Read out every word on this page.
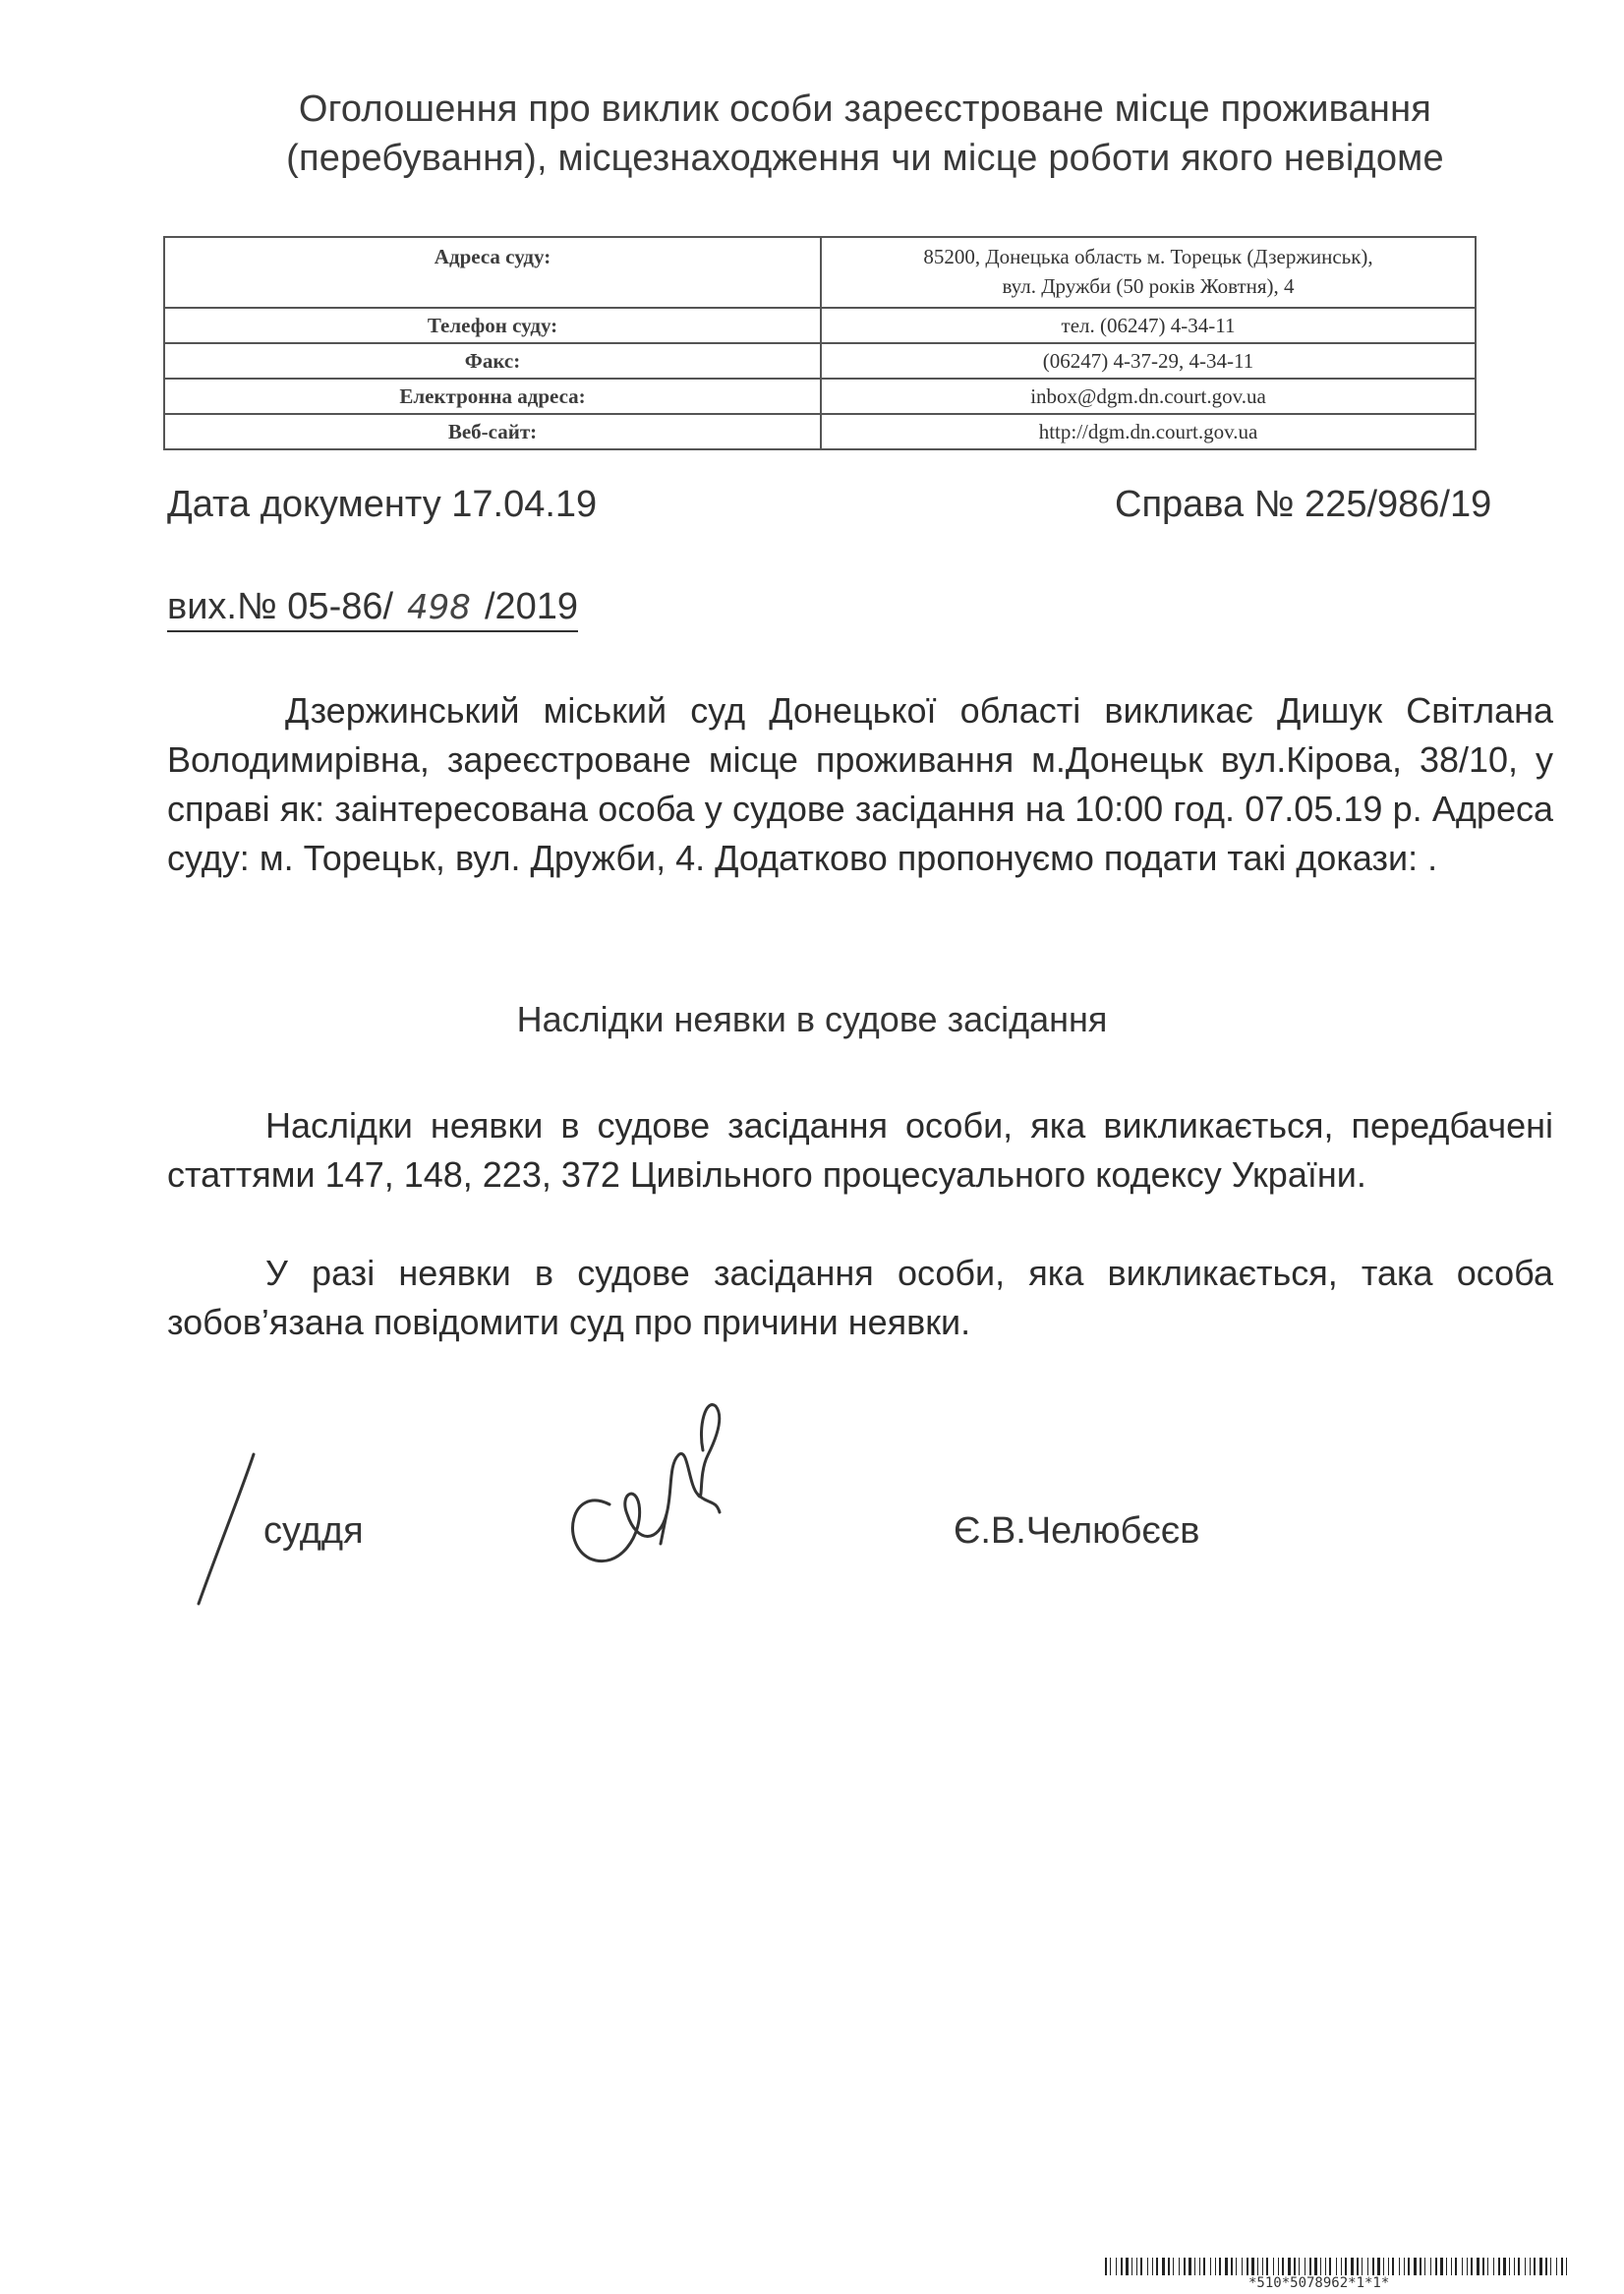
Оголошення про виклик особи зареєстроване місце проживання
(перебування), місцезнаходження чи місце роботи якого невідоме
Адреса суду:	85200, Донецька область м. Торецьк (Дзержинськ),
вул. Дружби (50 років Жовтня), 4

Телефон суду:	тел. (06247) 4-34-11
Факс:	(06247) 4-37-29, 4-34-11
Електронна адреса:	inbox@dgm.dn.court.gov.ua
Веб-сайт:	http://dgm.dn.court.gov.ua
Дата документу 17.04.19	Справа № 225/986/19
вих.№ 05-86/ 498 /2019
Дзержинський міський суд Донецької області викликає Дишук Світлана Володимирівна, зареєстроване місце проживання м.Донецьк вул.Кірова, 38/10, у справі як: заінтересована особа у судове засідання на 10:00 год. 07.05.19 р. Адреса суду: м. Торецьк, вул. Дружби, 4. Додатково пропонуємо подати такі докази: .
Наслідки неявки в судове засідання
Наслідки неявки в судове засідання особи, яка викликається, передбачені статтями 147, 148, 223, 372 Цивільного процесуального кодексу України.
У разі неявки в судове засідання особи, яка викликається, така особа зобов’язана повідомити суд про причини неявки.
суддя	Є.В.Челюбєєв
*510*5078962*1*1*
